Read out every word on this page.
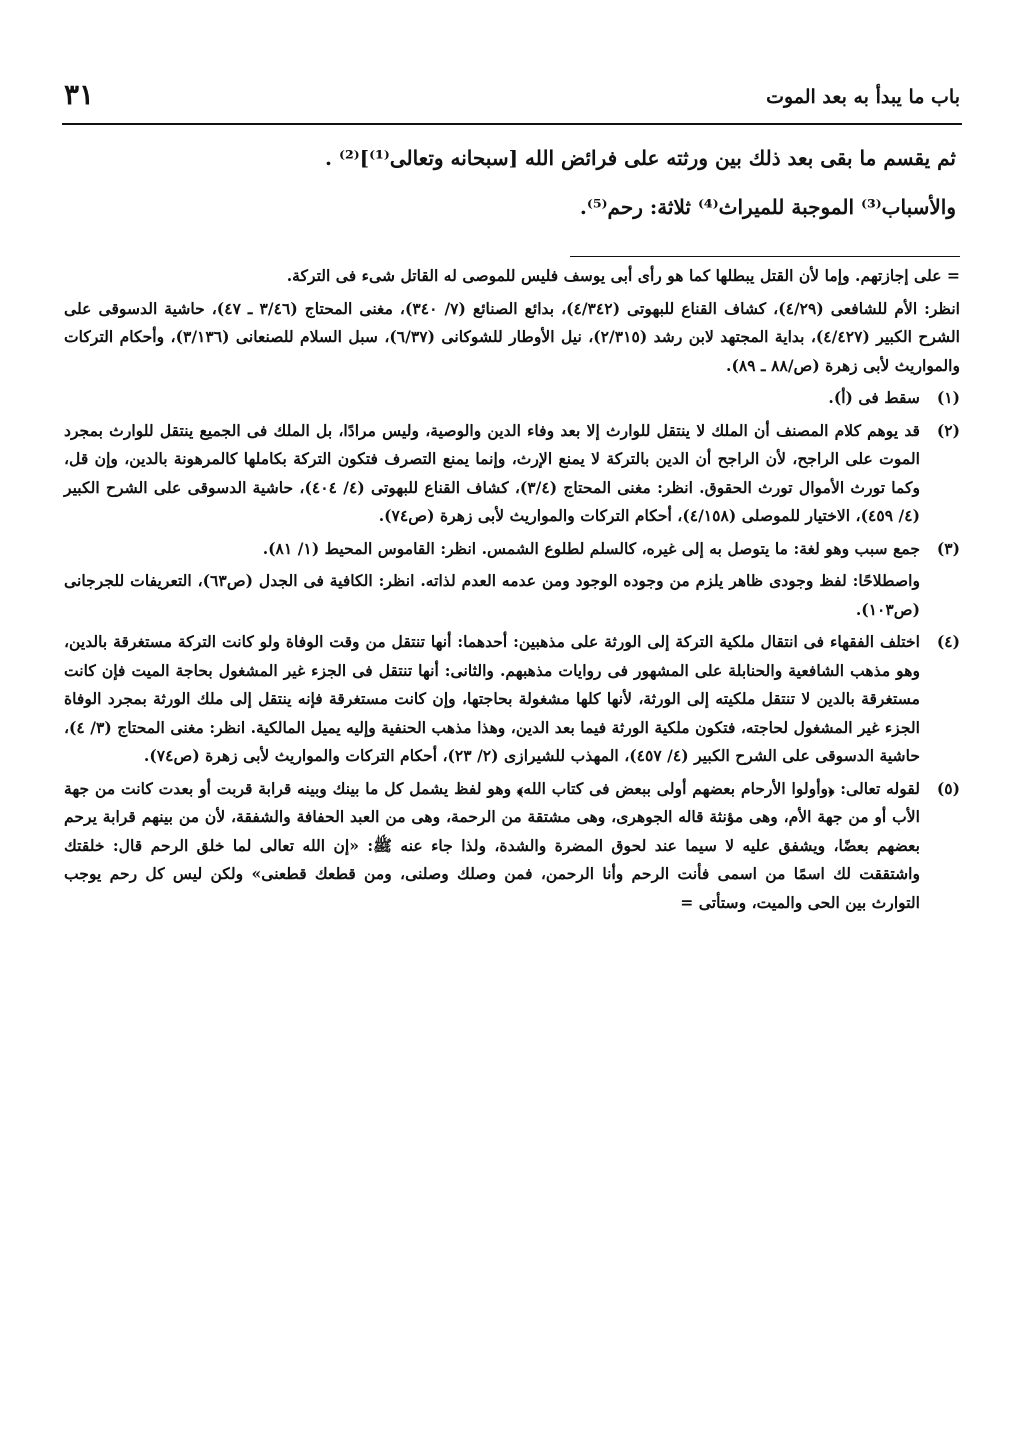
باب ما يبدأ به بعد الموت
٣١
ثم يقسم ما بقى بعد ذلك بين ورثته على فرائض الله [سبحانه وتعالى⁽¹⁾]⁽²⁾ .
والأسباب⁽³⁾ الموجبة للميراث⁽⁴⁾ ثلاثة: رحم⁽⁵⁾.
= على إجازتهم. وإما لأن القتل يبطلها كما هو رأى أبى يوسف فليس للموصى له القاتل شىء فى التركة.
انظر: الأم للشافعى (٤/٢٩)، كشاف القناع للبهوتى (٤/٣٤٢)، بدائع الصنائع (٧/ ٣٤٠)، مغنى المحتاج (٣/٤٦ ـ ٤٧)، حاشية الدسوقى على الشرح الكبير (٤/٤٢٧)، بداية المجتهد لابن رشد (٢/٣١٥)، نيل الأوطار للشوكانى (٦/٣٧)، سبل السلام للصنعانى (٣/١٣٦)، وأحكام التركات والمواريث لأبى زهرة (ص/٨٨ ـ ٨٩).
(١)
سقط فى (أ).
(٢)
قد يوهم كلام المصنف أن الملك لا ينتقل للوارث إلا بعد وفاء الدين والوصية، وليس مرادًا، بل الملك فى الجميع ينتقل للوارث بمجرد الموت على الراجح، لأن الراجح أن الدين بالتركة لا يمنع الإرث، وإنما يمنع التصرف فتكون التركة بكاملها كالمرهونة بالدين، وإن قل، وكما تورث الأموال تورث الحقوق. انظر: مغنى المحتاج (٣/٤)، كشاف القناع للبهوتى (٤/ ٤٠٤)، حاشية الدسوقى على الشرح الكبير (٤/ ٤٥٩)، الاختيار للموصلى (٤/١٥٨)، أحكام التركات والمواريث لأبى زهرة (ص٧٤).
(٣)
جمع سبب وهو لغة: ما يتوصل به إلى غيره، كالسلم لطلوع الشمس. انظر: القاموس المحيط (١/ ٨١).
واصطلاحًا: لفظ وجودى ظاهر يلزم من وجوده الوجود ومن عدمه العدم لذاته. انظر: الكافية فى الجدل (ص٦٣)، التعريفات للجرجانى (ص١٠٣).
(٤)
اختلف الفقهاء فى انتقال ملكية التركة إلى الورثة على مذهبين: أحدهما: أنها تنتقل من وقت الوفاة ولو كانت التركة مستغرقة بالدين، وهو مذهب الشافعية والحنابلة على المشهور فى روايات مذهبهم. والثانى: أنها تنتقل فى الجزء غير المشغول بحاجة الميت فإن كانت مستغرقة بالدين لا تنتقل ملكيته إلى الورثة، لأنها كلها مشغولة بحاجتها، وإن كانت مستغرقة فإنه ينتقل إلى ملك الورثة بمجرد الوفاة الجزء غير المشغول لحاجته، فتكون ملكية الورثة فيما بعد الدين، وهذا مذهب الحنفية وإليه يميل المالكية. انظر: مغنى المحتاج (٣/ ٤)، حاشية الدسوقى على الشرح الكبير (٤/ ٤٥٧)، المهذب للشيرازى (٢/ ٢٣)، أحكام التركات والمواريث لأبى زهرة (ص٧٤).
(٥)
لقوله تعالى: ﴿وأولوا الأرحام بعضهم أولى ببعض فى كتاب الله﴾ وهو لفظ يشمل كل ما بينك وبينه قرابة قربت أو بعدت كانت من جهة الأب أو من جهة الأم، وهى مؤنثة قاله الجوهرى، وهى مشتقة من الرحمة، وهى من العبد الحفافة والشفقة، لأن من بينهم قرابة يرحم بعضهم بعضًا، ويشفق عليه لا سيما عند لحوق المضرة والشدة، ولذا جاء عنه ﷺ: «إن الله تعالى لما خلق الرحم قال: خلقتك واشتققت لك اسمًا من اسمى فأنت الرحم وأنا الرحمن، فمن وصلك وصلنى، ومن قطعك قطعنى» ولكن ليس كل رحم يوجب التوارث بين الحى والميت، وستأتى =
